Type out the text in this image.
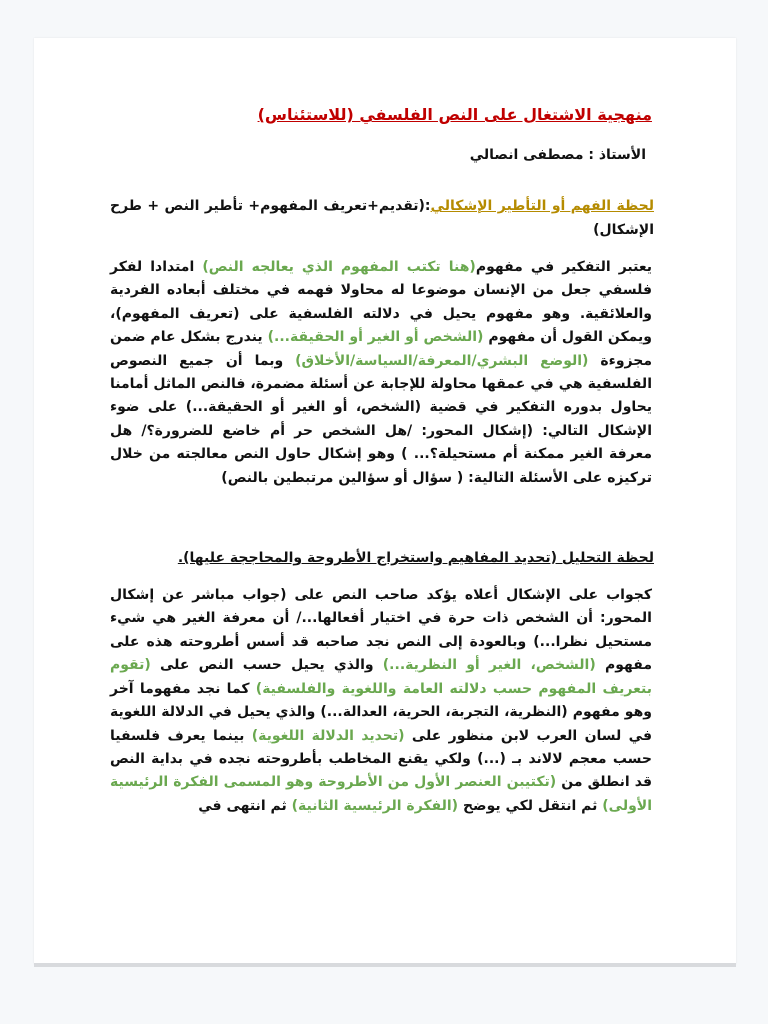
منهجية الاشتغال على النص الفلسفي (للاستئناس)
الأستاذ : مصطفى انصالي
لحظة الفهم أو التأطير الإشكالي:(تقديم+تعريف المفهوم+ تأطير النص + طرح الإشكال)
يعتبر التفكير في مفهوم(هنا تكتب المفهوم الذي يعالجه النص) امتدادا لفكر فلسفي جعل من الإنسان موضوعا له محاولا فهمه في مختلف أبعاده الفردية والعلائقية. وهو مفهوم يحيل في دلالته الفلسفية على (تعريف المفهوم)، ويمكن القول أن مفهوم (الشخص أو الغير أو الحقيقة...) يندرج بشكل عام ضمن مجزوءة (الوضع البشري/المعرفة/السياسة/الأخلاق) وبما أن جميع النصوص الفلسفية هي في عمقها محاولة للإجابة عن أسئلة مضمرة، فالنص الماثل أمامنا يحاول بدوره التفكير في قضية (الشخص، أو الغير أو الحقيقة...) على ضوء الإشكال التالي: (إشكال المحور: /هل الشخص حر أم خاضع للضرورة؟/ هل معرفة الغير ممكنة أم مستحيلة؟... ) وهو إشكال حاول النص معالجته من خلال تركيزه على الأسئلة التالية: ( سؤال أو سؤالين مرتبطين بالنص)
لحظة التحليل (تحديد المفاهيم واستخراج الأطروحة والمحاججة عليها).
كجواب على الإشكال أعلاه يؤكد صاحب النص على (جواب مباشر عن إشكال المحور: أن الشخص ذات حرة في اختيار أفعالها.../ أن معرفة الغير هي شيء مستحيل نظرا...) وبالعودة إلى النص نجد صاحبه قد أسس أطروحته هذه على مفهوم (الشخص، الغير أو النظرية...) والذي يحيل حسب النص على (تقوم بتعريف المفهوم حسب دلالته العامة واللغوية والفلسفية) كما نجد مفهوما آخر وهو مفهوم (النظرية، التجربة، الحرية، العدالة...) والذي يحيل في الدلالة اللغوية في لسان العرب لابن منظور على (تحديد الدلالة اللغوية) بينما يعرف فلسفيا حسب معجم لالاند بـ (...) ولكي يقنع المخاطب بأطروحته نجده في بداية النص قد انطلق من (تكتيبن العنصر الأول من الأطروحة وهو المسمى الفكرة الرئيسية الأولى) ثم انتقل لكي يوضح (الفكرة الرئيسية الثانية) ثم انتهى في
